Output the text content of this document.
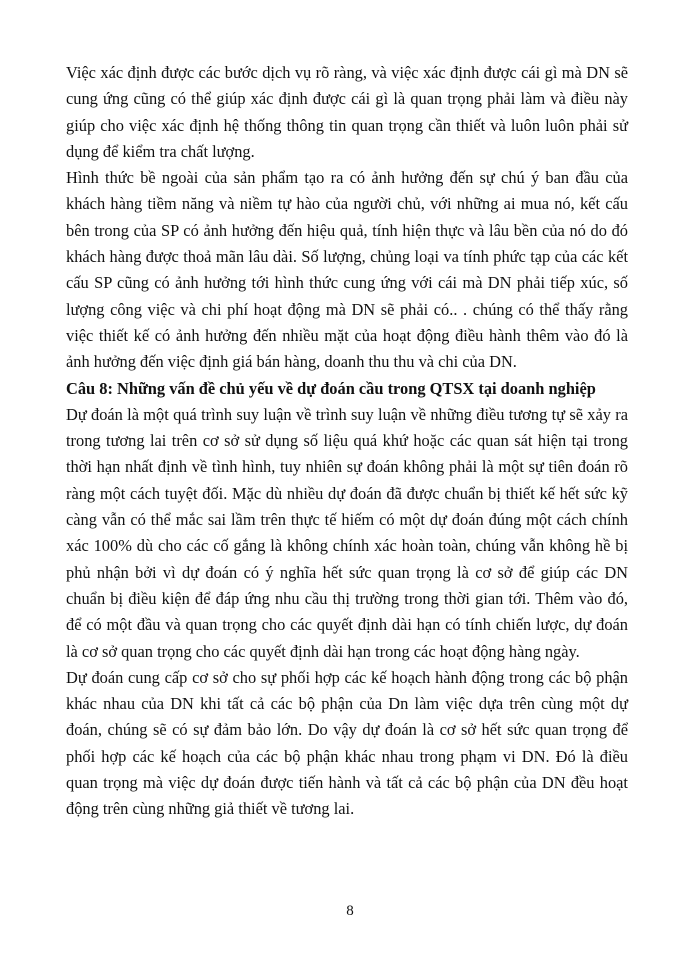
Việc xác định được các bước dịch vụ rõ ràng, và việc xác định được cái gì mà DN sẽ cung ứng cũng có thể giúp xác định được cái gì là quan trọng phải làm và điều này giúp cho việc xác định hệ thống thông tin quan trọng cần thiết và luôn luôn phải sử dụng để kiểm tra chất lượng.

Hình thức bề ngoài của sản phẩm tạo ra có ảnh hưởng đến sự chú ý ban đầu của khách hàng tiềm năng và niềm tự hào của người chủ, với những ai mua nó, kết cấu bên trong của SP có ảnh hưởng đến hiệu quả, tính hiện thực và lâu bền của nó do đó khách hàng được thoả mãn lâu dài. Số lượng, chủng loại va tính phức tạp của các kết cấu SP cũng có ảnh hưởng tới hình thức cung ứng với cái mà DN phải tiếp xúc, số lượng công việc và chi phí hoạt động mà DN sẽ phải có.. . chúng có thể thấy rằng việc thiết kế có ảnh hưởng đến nhiều mặt của hoạt động điều hành thêm vào đó là ảnh hưởng đến việc định giá bán hàng, doanh thu thu và chi của DN.

Câu 8: Những vấn đề chủ yếu về dự đoán cầu trong QTSX tại doanh nghiệp

Dự đoán là một quá trình suy luận về trình suy luận về những điều tương tự sẽ xảy ra trong tương lai trên cơ sở sử dụng số liệu quá khứ hoặc các quan sát hiện tại trong thời hạn nhất định về tình hình, tuy nhiên sự đoán không phải là một sự tiên đoán rõ ràng một cách tuyệt đối. Mặc dù nhiều dự đoán đã được chuẩn bị thiết kế hết sức kỹ càng vẫn có thể mắc sai lầm trên thực tế hiếm có một dự đoán đúng một cách chính xác 100% dù cho các cố gắng là không chính xác hoàn toàn, chúng vẫn không hề bị phủ nhận bởi vì dự đoán có ý nghĩa hết sức quan trọng là cơ sở để giúp các DN chuẩn bị điều kiện để đáp ứng nhu cầu thị trường trong thời gian tới. Thêm vào đó, để có một đầu và quan trọng cho các quyết định dài hạn có tính chiến lược, dự đoán là cơ sở quan trọng cho các quyết định dài hạn trong các hoạt động hàng ngày.

Dự đoán cung cấp cơ sở cho sự phối hợp các kế hoạch hành động trong các bộ phận khác nhau của DN khi tất cả các bộ phận của Dn làm việc dựa trên cùng một dự đoán, chúng sẽ có sự đảm bảo lớn. Do vậy dự đoán là cơ sở hết sức quan trọng để phối hợp các kế hoạch của các bộ phận khác nhau trong phạm vi DN. Đó là điều quan trọng mà việc dự đoán được tiến hành và tất cả các bộ phận của DN đều hoạt động trên cùng những giả thiết về tương lai.

8
